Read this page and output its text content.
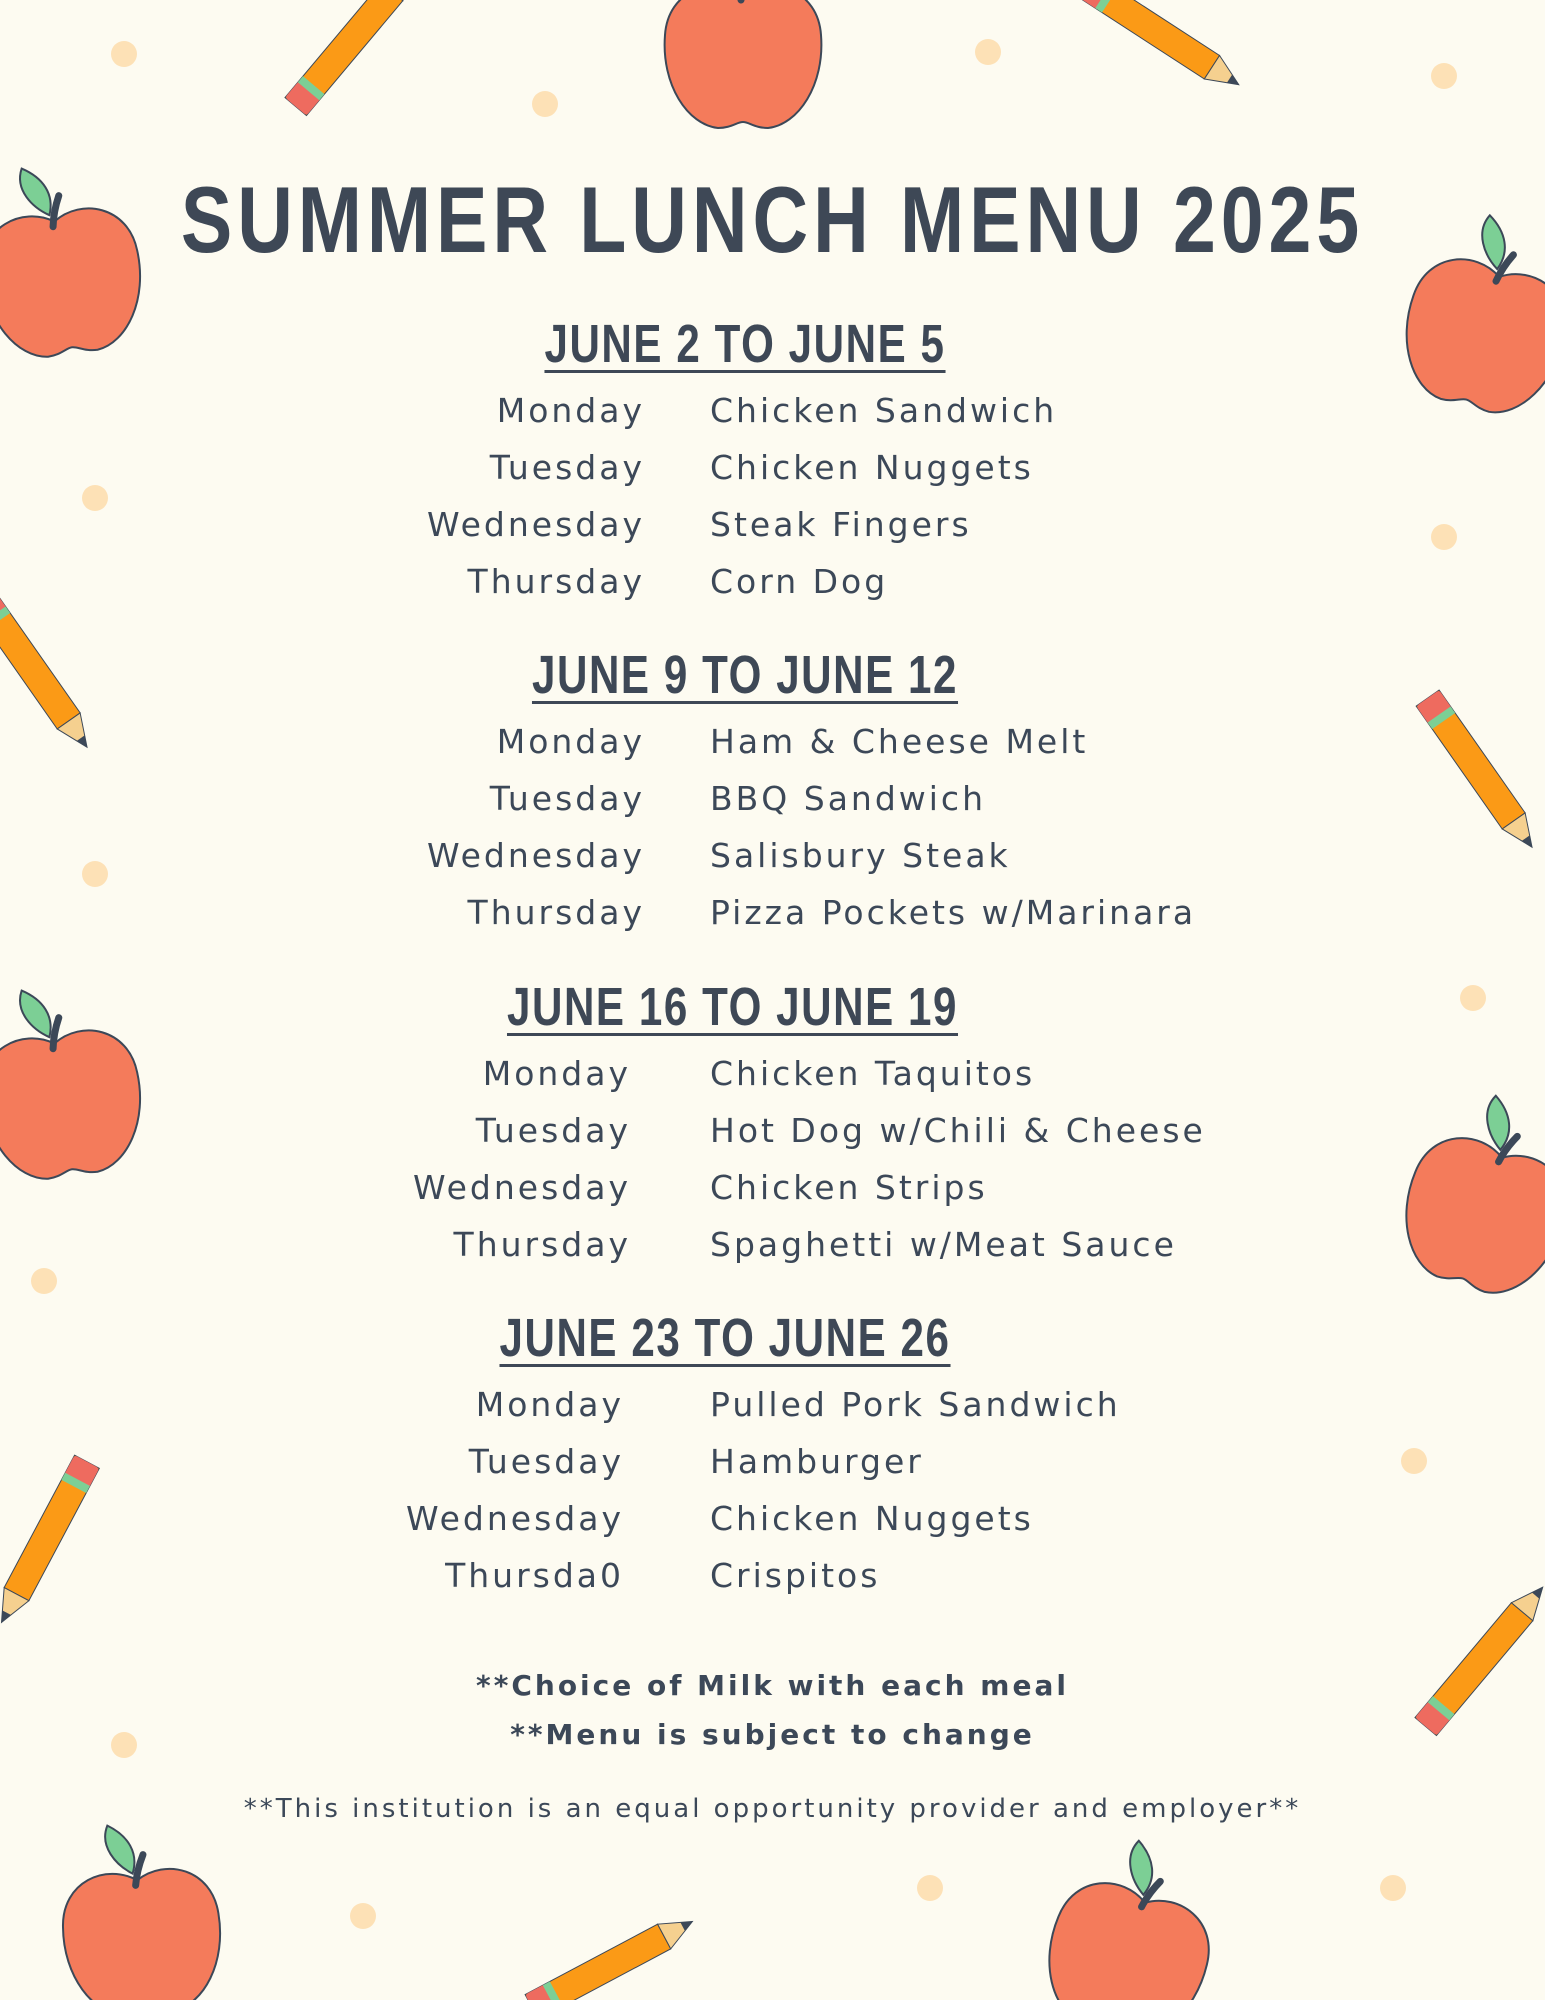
SUMMER LUNCH MENU 2025
JUNE 2 TO JUNE 5
Monday Chicken Sandwich
Tuesday Chicken Nuggets
Wednesday Steak Fingers
Thursday Corn Dog
JUNE 9 TO JUNE 12
Monday Ham & Cheese Melt
Tuesday BBQ Sandwich
Wednesday Salisbury Steak
Thursday Pizza Pockets w/Marinara
JUNE 16 TO JUNE 19
Monday Chicken Taquitos
Tuesday Hot Dog w/Chili & Cheese
Wednesday Chicken Strips
Thursday Spaghetti w/Meat Sauce
JUNE 23 TO JUNE 26
Monday	Pulled Pork Sandwich
Tuesday	Hamburger
Wednesday	Chicken Nuggets
Thursda0	Crispitos
**Choice of Milk with each meal
**Menu is subject to change
**This institution is an equal opportunity provider and employer**
